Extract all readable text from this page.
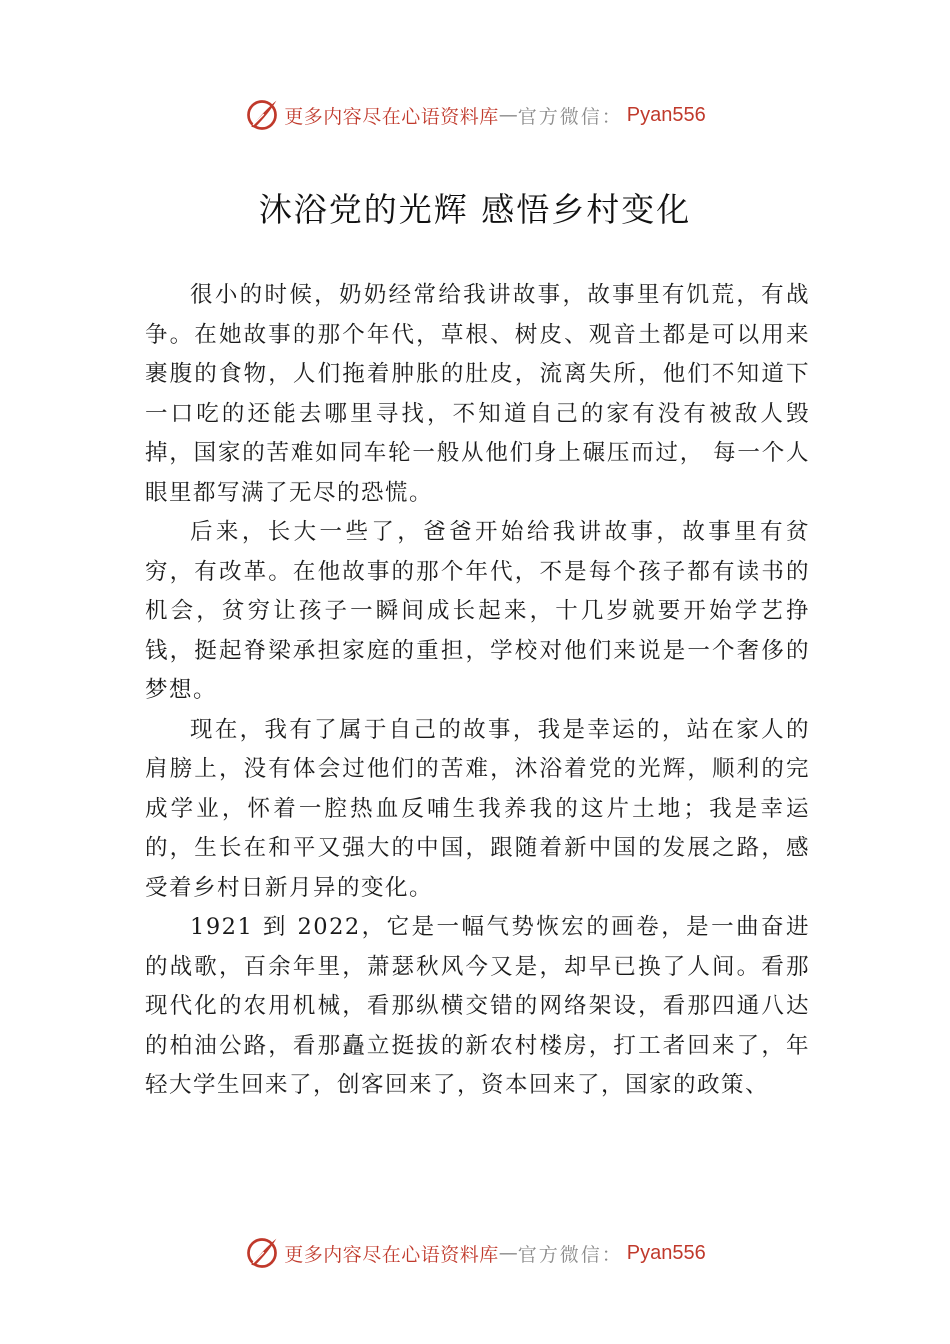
更多内容尽在心语资料库 — 官方微信： Pyan556
沐浴党的光辉 感悟乡村变化

很小的时候，奶奶经常给我讲故事，故事里有饥荒，有战争。在她故事的那个年代，草根、树皮、观音土都是可以用来裹腹的食物，人们拖着肿胀的肚皮，流离失所，他们不知道下一口吃的还能去哪里寻找，不知道自己的家有没有被敌人毁掉，国家的苦难如同车轮一般从他们身上碾压而过， 每一个人眼里都写满了无尽的恐慌。

后来，长大一些了，爸爸开始给我讲故事，故事里有贫穷，有改革。在他故事的那个年代，不是每个孩子都有读书的机会，贫穷让孩子一瞬间成长起来，十几岁就要开始学艺挣钱，挺起脊梁承担家庭的重担，学校对他们来说是一个奢侈的梦想。

现在，我有了属于自己的故事，我是幸运的，站在家人的肩膀上，没有体会过他们的苦难，沐浴着党的光辉，顺利的完成学业，怀着一腔热血反哺生我养我的这片土地；我是幸运的，生长在和平又强大的中国，跟随着新中国的发展之路，感受着乡村日新月异的变化。

1921 到 2022，它是一幅气势恢宏的画卷，是一曲奋进的战歌，百余年里，萧瑟秋风今又是，却早已换了人间。看那现代化的农用机械，看那纵横交错的网络架设，看那四通八达的柏油公路，看那矗立挺拔的新农村楼房，打工者回来了，年轻大学生回来了，创客回来了，资本回来了，国家的政策、

更多内容尽在心语资料库 — 官方微信： Pyan556
